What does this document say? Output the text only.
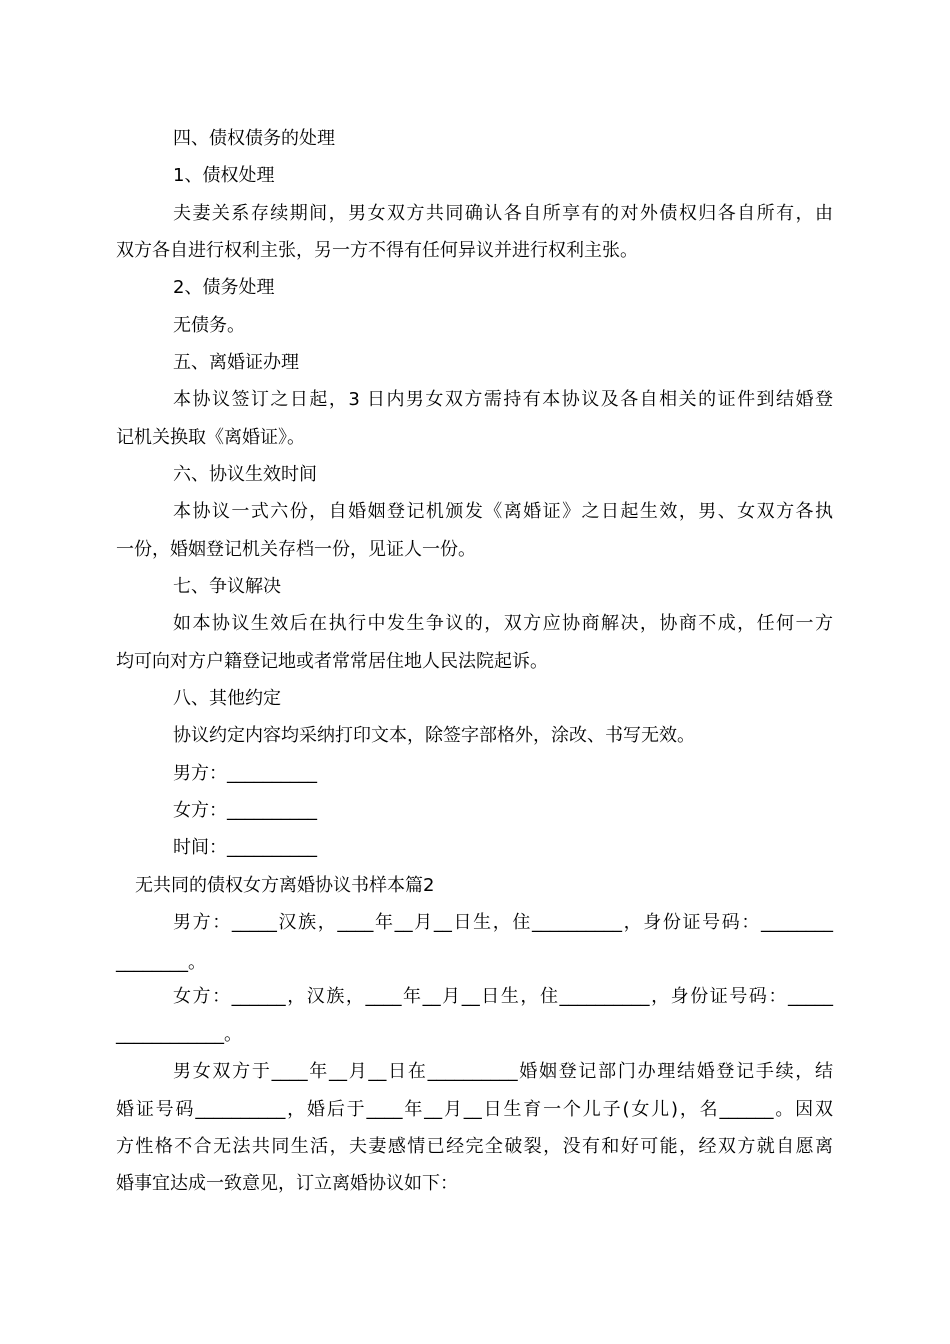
四、债权债务的处理
1、债权处理
夫妻关系存续期间，男女双方共同确认各自所享有的对外债权归各自所有，由
双方各自进行权利主张，另一方不得有任何异议并进行权利主张。
2、债务处理
无债务。
五、离婚证办理
本协议签订之日起，3 日内男女双方需持有本协议及各自相关的证件到结婚登
记机关换取《离婚证》。
六、协议生效时间
本协议一式六份，自婚姻登记机颁发《离婚证》之日起生效，男、女双方各执
一份，婚姻登记机关存档一份，见证人一份。
七、争议解决
如本协议生效后在执行中发生争议的，双方应协商解决，协商不成，任何一方
均可向对方户籍登记地或者常常居住地人民法院起诉。
八、其他约定
协议约定内容均采纳打印文本，除签字部格外，涂改、书写无效。
男方：__________
女方：__________
时间：__________
无共同的债权女方离婚协议书样本篇2
男方：_____汉族，____年__月__日生，住__________，身份证号码：________
________。
女方：______，汉族，____年__月__日生，住__________，身份证号码：_____
____________。
男女双方于____年__月__日在__________婚姻登记部门办理结婚登记手续，结
婚证号码__________，婚后于____年__月__日生育一个儿子(女儿)，名______。因双
方性格不合无法共同生活，夫妻感情已经完全破裂，没有和好可能，经双方就自愿离
婚事宜达成一致意见，订立离婚协议如下：
